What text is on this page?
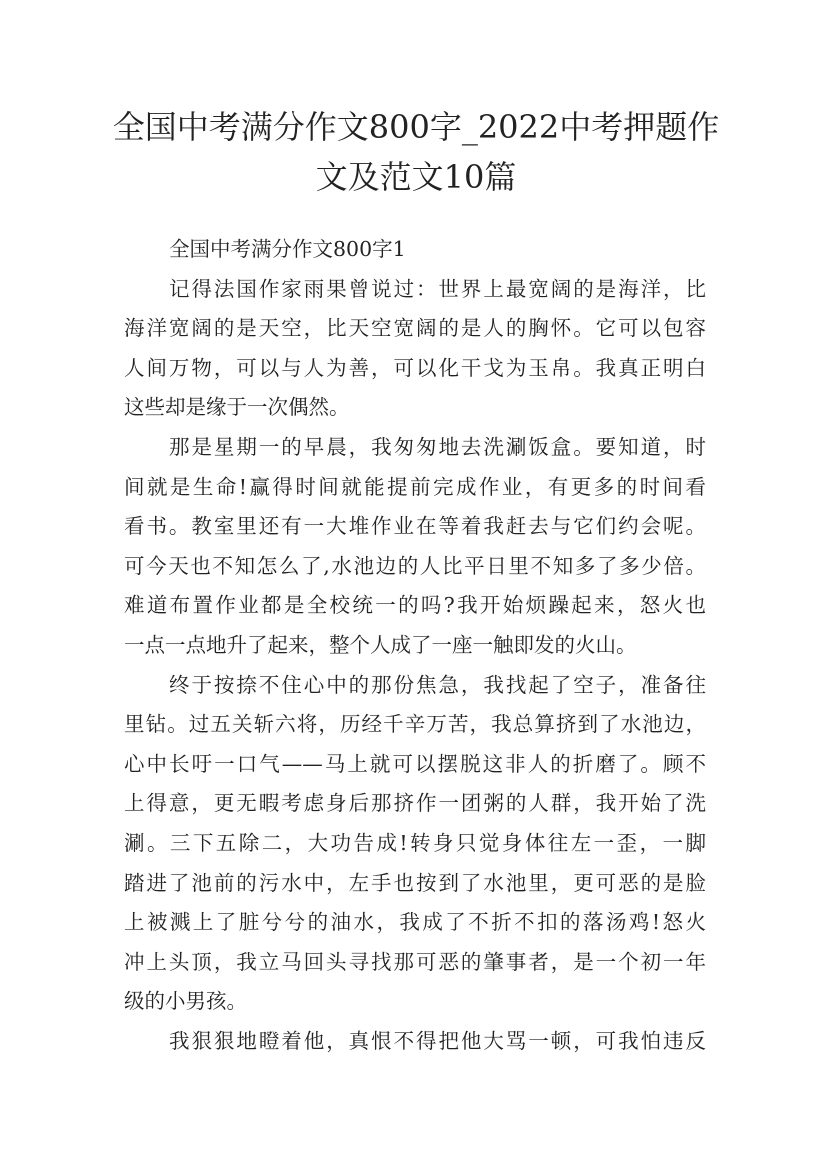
全国中考满分作文800字_2022中考押题作
文及范文10篇
全国中考满分作文800字1
记得法国作家雨果曾说过：世界上最宽阔的是海洋，比
海洋宽阔的是天空，比天空宽阔的是人的胸怀。它可以包容
人间万物，可以与人为善，可以化干戈为玉帛。我真正明白
这些却是缘于一次偶然。
那是星期一的早晨，我匆匆地去洗涮饭盒。要知道，时
间就是生命!赢得时间就能提前完成作业，有更多的时间看
看书。教室里还有一大堆作业在等着我赶去与它们约会呢。
可今天也不知怎么了,水池边的人比平日里不知多了多少倍。
难道布置作业都是全校统一的吗?我开始烦躁起来，怒火也
一点一点地升了起来，整个人成了一座一触即发的火山。
终于按捺不住心中的那份焦急，我找起了空子，准备往
里钻。过五关斩六将，历经千辛万苦，我总算挤到了水池边，
心中长吁一口气——马上就可以摆脱这非人的折磨了。顾不
上得意，更无暇考虑身后那挤作一团粥的人群，我开始了洗
涮。三下五除二，大功告成!转身只觉身体往左一歪，一脚
踏进了池前的污水中，左手也按到了水池里，更可恶的是脸
上被溅上了脏兮兮的油水，我成了不折不扣的落汤鸡!怒火
冲上头顶，我立马回头寻找那可恶的肇事者，是一个初一年
级的小男孩。
我狠狠地瞪着他，真恨不得把他大骂一顿，可我怕违反
